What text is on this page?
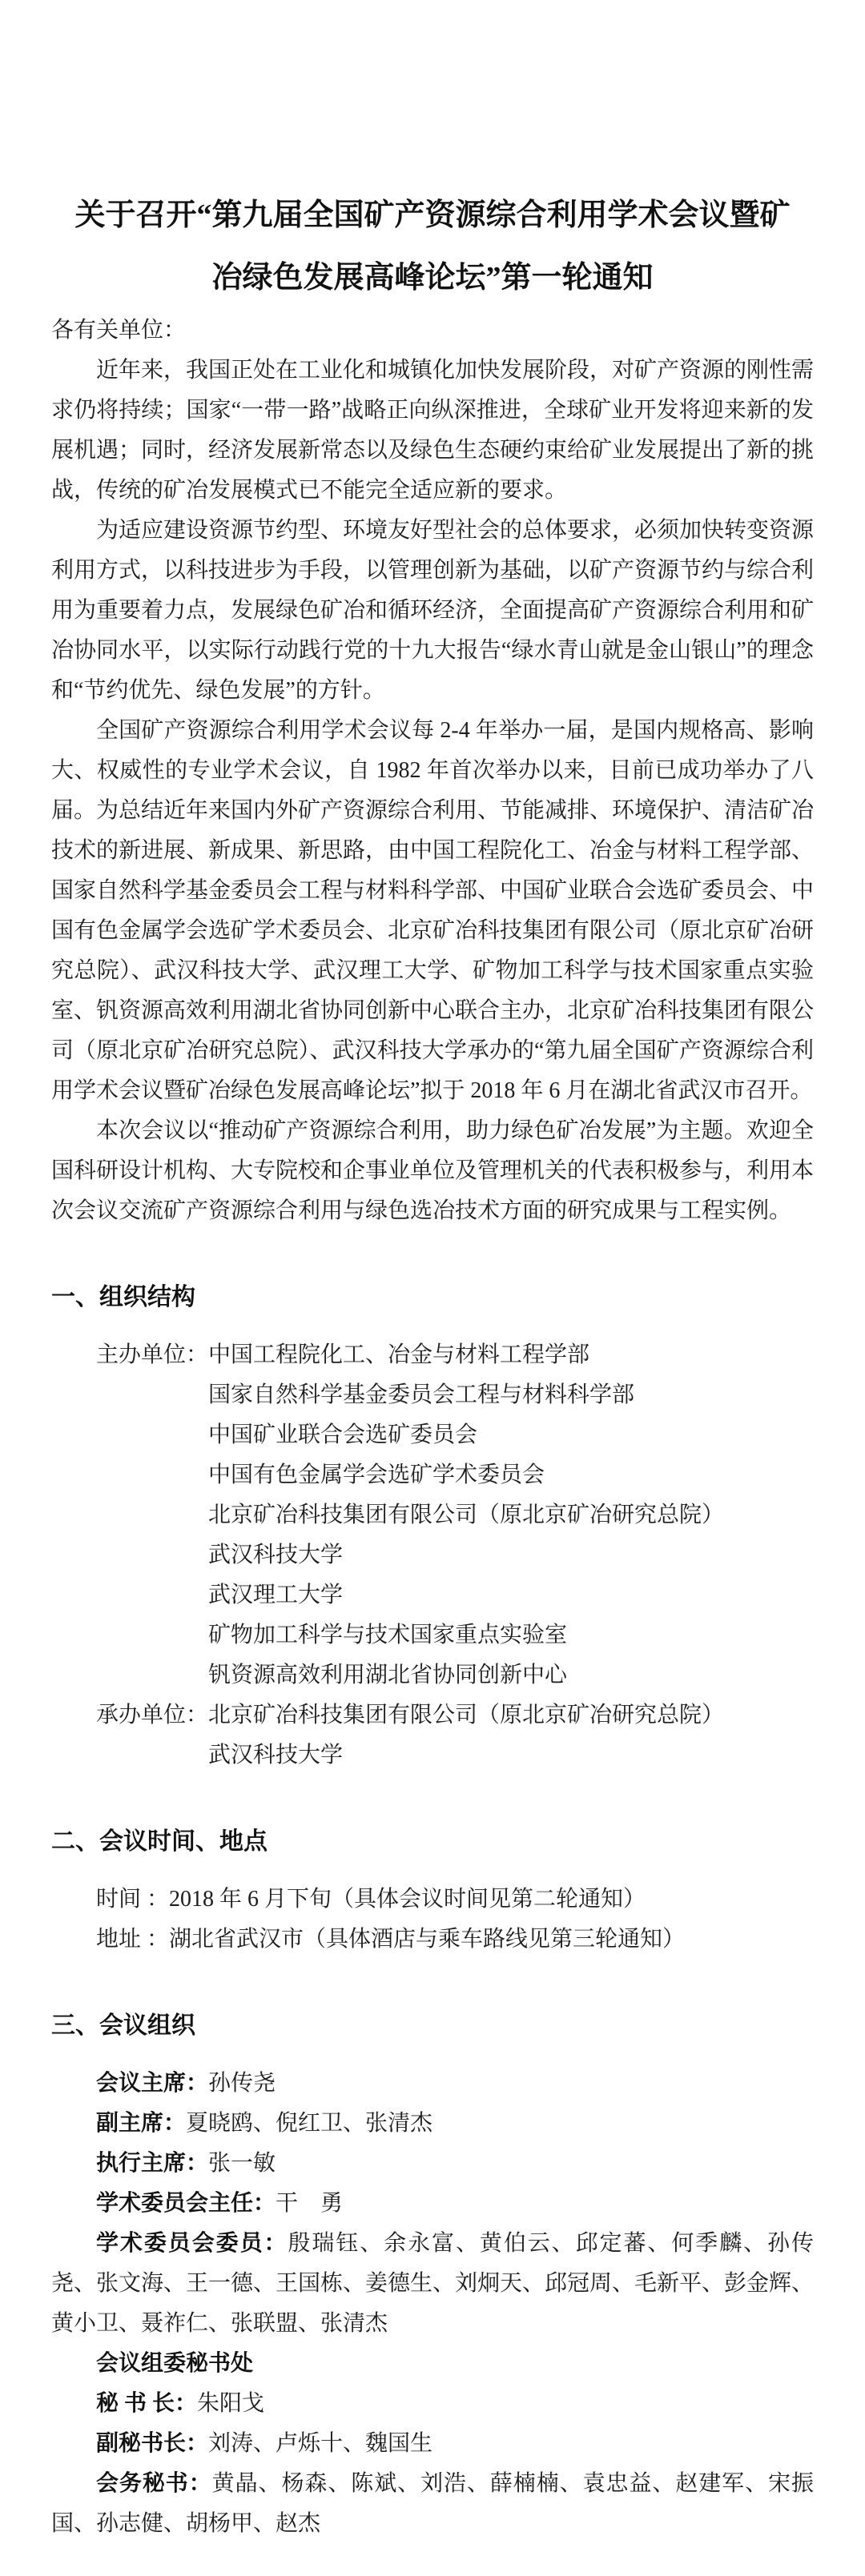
关于召开“第九届全国矿产资源综合利用学术会议暨矿
冶绿色发展高峰论坛”第一轮通知
各有关单位：

近年来，我国正处在工业化和城镇化加快发展阶段，对矿产资源的刚性需求仍将持续；国家“一带一路”战略正向纵深推进，全球矿业开发将迎来新的发展机遇；同时，经济发展新常态以及绿色生态硬约束给矿业发展提出了新的挑战，传统的矿冶发展模式已不能完全适应新的要求。

为适应建设资源节约型、环境友好型社会的总体要求，必须加快转变资源利用方式，以科技进步为手段，以管理创新为基础，以矿产资源节约与综合利用为重要着力点，发展绿色矿冶和循环经济，全面提高矿产资源综合利用和矿冶协同水平，以实际行动践行党的十九大报告“绿水青山就是金山银山”的理念和“节约优先、绿色发展”的方针。

全国矿产资源综合利用学术会议每 2-4 年举办一届，是国内规格高、影响大、权威性的专业学术会议，自 1982 年首次举办以来，目前已成功举办了八届。为总结近年来国内外矿产资源综合利用、节能减排、环境保护、清洁矿冶技术的新进展、新成果、新思路，由中国工程院化工、冶金与材料工程学部、国家自然科学基金委员会工程与材料科学部、中国矿业联合会选矿委员会、中国有色金属学会选矿学术委员会、北京矿冶科技集团有限公司（原北京矿冶研究总院）、武汉科技大学、武汉理工大学、矿物加工科学与技术国家重点实验室、钒资源高效利用湖北省协同创新中心联合主办，北京矿冶科技集团有限公司（原北京矿冶研究总院）、武汉科技大学承办的“第九届全国矿产资源综合利用学术会议暨矿冶绿色发展高峰论坛”拟于 2018 年 6 月在湖北省武汉市召开。

本次会议以“推动矿产资源综合利用，助力绿色矿冶发展”为主题。欢迎全国科研设计机构、大专院校和企事业单位及管理机关的代表积极参与，利用本次会议交流矿产资源综合利用与绿色选冶技术方面的研究成果与工程实例。

一、组织结构
主办单位： 中国工程院化工、冶金与材料工程学部
国家自然科学基金委员会工程与材料科学部
中国矿业联合会选矿委员会
中国有色金属学会选矿学术委员会
北京矿冶科技集团有限公司（原北京矿冶研究总院）
武汉科技大学
武汉理工大学
矿物加工科学与技术国家重点实验室
钒资源高效利用湖北省协同创新中心
承办单位： 北京矿冶科技集团有限公司（原北京矿冶研究总院）
武汉科技大学
二、会议时间、地点
时间 ：2018 年 6 月下旬（具体会议时间见第二轮通知）
地址 ：湖北省武汉市（具体酒店与乘车路线见第三轮通知）
三、会议组织

会议主席：孙传尧

副主席：夏晓鸥、倪红卫、张清杰

执行主席：张一敏

学术委员会主任：干　勇

学术委员会委员：殷瑞钰、余永富、黄伯云、邱定蕃、何季麟、孙传尧、张文海、王一德、王国栋、姜德生、刘炯天、邱冠周、毛新平、彭金辉、黄小卫、聂祚仁、张联盟、张清杰

会议组委秘书处

秘 书 长：朱阳戈

副秘书长：刘涛、卢烁十、魏国生

会务秘书：黄晶、杨森、陈斌、刘浩、薛楠楠、袁忠益、赵建军、宋振国、孙志健、胡杨甲、赵杰
